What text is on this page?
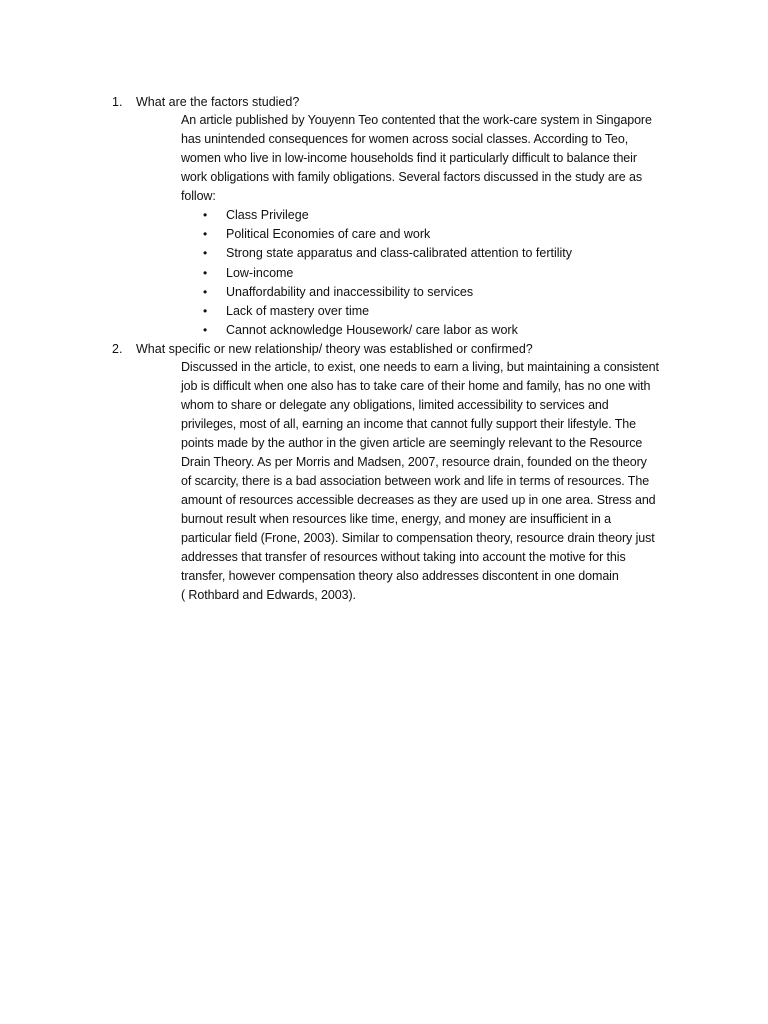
1.	What are the factors studied?

An article published by Youyenn Teo contented that the work-care system in Singapore

has unintended consequences for women across social classes. According to Teo,

women who live in low-income households find it particularly difficult to balance their

work obligations with family obligations. Several factors discussed in the study are as

follow:

• Class Privilege
• Political Economies of care and work
• Strong state apparatus and class-calibrated attention to fertility
• Low-income
• Unaffordability and inaccessibility to services
• Lack of mastery over time
• Cannot acknowledge Housework/ care labor as work
2.	What specific or new relationship/ theory was established or confirmed?

Discussed in the article, to exist, one needs to earn a living, but maintaining a consistent

job is difficult when one also has to take care of their home and family, has no one with

whom to share or delegate any obligations, limited accessibility to services and

privileges, most of all, earning an income that cannot fully support their lifestyle. The

points made by the author in the given article are seemingly relevant to the Resource

Drain Theory. As per Morris and Madsen, 2007, resource drain, founded on the theory

of scarcity, there is a bad association between work and life in terms of resources. The

amount of resources accessible decreases as they are used up in one area. Stress and

burnout result when resources like time, energy, and money are insufficient in a

particular field (Frone, 2003). Similar to compensation theory, resource drain theory just

addresses that transfer of resources without taking into account the motive for this

transfer, however compensation theory also addresses discontent in one domain

( Rothbard and Edwards, 2003).
